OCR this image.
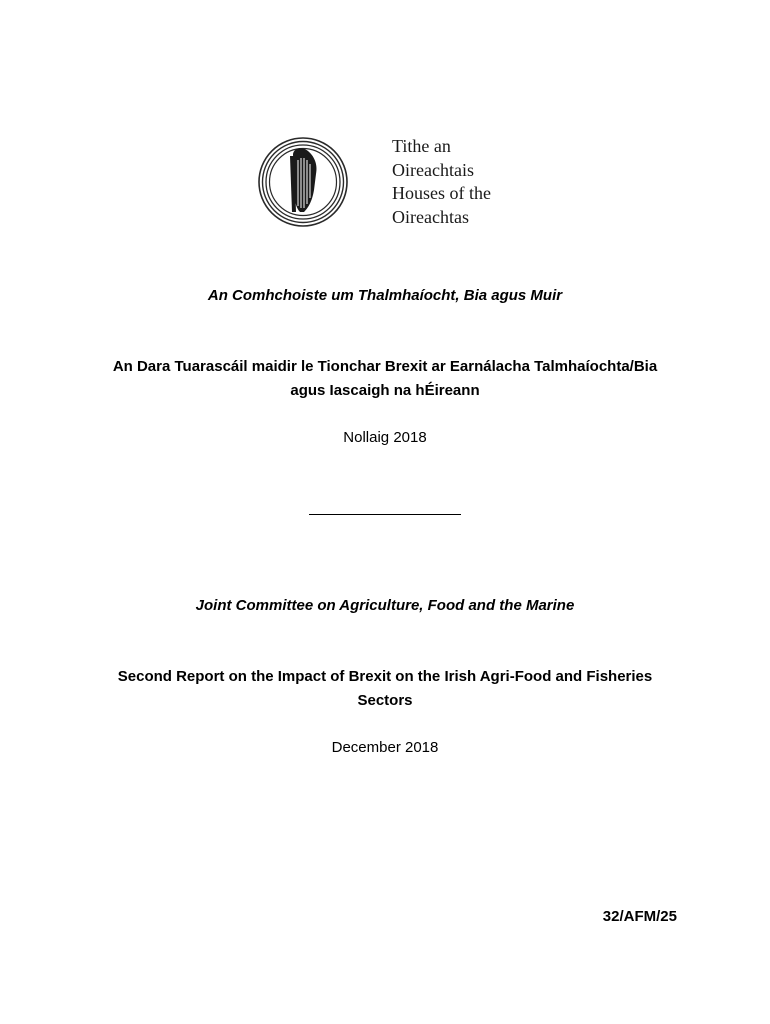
Tithe an
Oireachtais
Houses of the
Oireachtas
An Comhchoiste um Thalmhaíocht, Bia agus Muir
An Dara Tuarascáil maidir le Tionchar Brexit ar Earnálacha Talmhaíochta/Bia
agus Iascaigh na hÉireann
Nollaig 2018
Joint Committee on Agriculture, Food and the Marine
Second Report on the Impact of Brexit on the Irish Agri-Food and Fisheries
Sectors
December 2018
32/AFM/25
